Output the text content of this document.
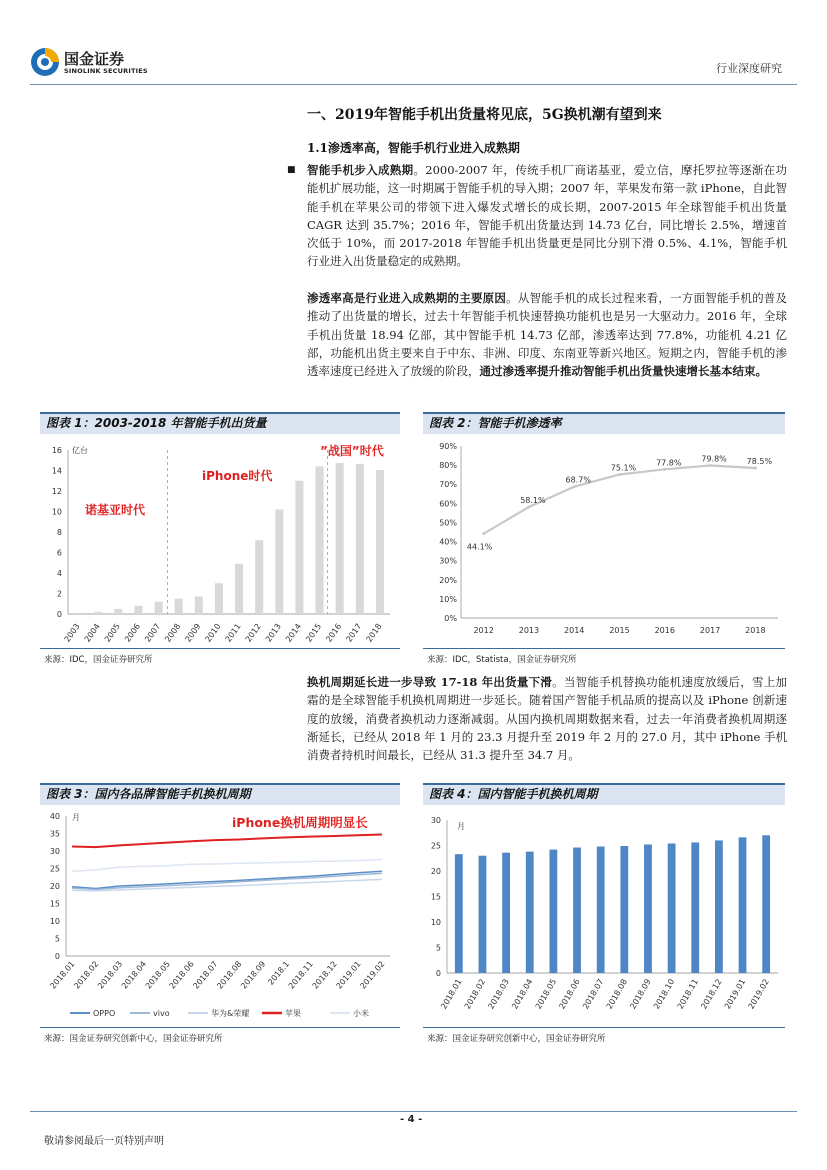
国金证券
SINOLINK SECURITIES	行业深度研究
一、2019年智能手机出货量将见底，5G换机潮有望到来
1.1渗透率高，智能手机行业进入成熟期
■ 智能手机步入成熟期。2000-2007 年，传统手机厂商诺基亚，爱立信，摩托罗拉等逐渐在功能机扩展功能，这一时期属于智能手机的导入期；2007 年，苹果发布第一款 iPhone，自此智能手机在苹果公司的带领下进入爆发式增长的成长期，2007-2015 年全球智能手机出货量 CAGR 达到 35.7%；2016 年，智能手机出货量达到 14.73 亿台，同比增长 2.5%，增速首次低于 10%，而 2017-2018 年智能手机出货量更是同比分别下滑 0.5%、4.1%，智能手机行业进入出货量稳定的成熟期。
渗透率高是行业进入成熟期的主要原因。从智能手机的成长过程来看，一方面智能手机的普及推动了出货量的增长，过去十年智能手机快速替换功能机也是另一大驱动力。2016 年，全球手机出货量 18.94 亿部，其中智能手机 14.73 亿部，渗透率达到 77.8%，功能机 4.21 亿部，功能机出货主要来自于中东、非洲、印度、东南亚等新兴地区。短期之内，智能手机的渗透率速度已经进入了放缓的阶段，通过渗透率提升推动智能手机出货量快速增长基本结束。
图表 1：2003-2018 年智能手机出货量
0
2
4
6
8
10
12
14
16 亿台
2003 2004 2005 2006 2007 2008 2009 2010 2011 2012 2013 2014 2015 2016 2017 2018
诺基亚时代
iPhone时代
”战国”时代
来源：IDC，国金证券研究所
图表 2：智能手机渗透率
0%
10%
20%
30%
40%
50%
60%
70%
80%
90%
44.1%
2012
58.1%
2013
68.7%
2014
75.1%
2015
77.8%
2016
79.8%
2017
78.5%
2018
来源：IDC，Statista，国金证券研究所
换机周期延长进一步导致 17-18 年出货量下滑。当智能手机替换功能机速度放缓后，雪上加霜的是全球智能手机换机周期进一步延长。随着国产智能手机品质的提高以及 iPhone 创新速度的放缓，消费者换机动力逐渐减弱。从国内换机周期数据来看，过去一年消费者换机周期逐渐延长，已经从 2018 年 1 月的 23.3 月提升至 2019 年 2 月的 27.0 月，其中 iPhone 手机消费者持机时间最长，已经从 31.3 提升至 34.7 月。
图表 3：国内各品牌智能手机换机周期
0
5
10
15
20
25
30
35
40 月
2018.01
2018.02
2018.03
2018.04
2018.05
2018.06
2018.07
2018.08
2018.09
2018.1
2018.11
2018.12
2019.01
2019.02
iPhone换机周期明显长
OPPO	vivo	华为&荣耀	苹果	小米
来源：国金证券研究创新中心，国金证券研究所
图表 4：国内智能手机换机周期
0
5
10
15
20
25
30
月
2018.01 2018.02 2018.03 2018.04 2018.05 2018.06 2018.07 2018.08 2018.09 2018.10 2018.11 2018.12 2019.01 2019.02
来源：国金证券研究创新中心，国金证券研究所
- 4 -
敬请参阅最后一页特别声明
